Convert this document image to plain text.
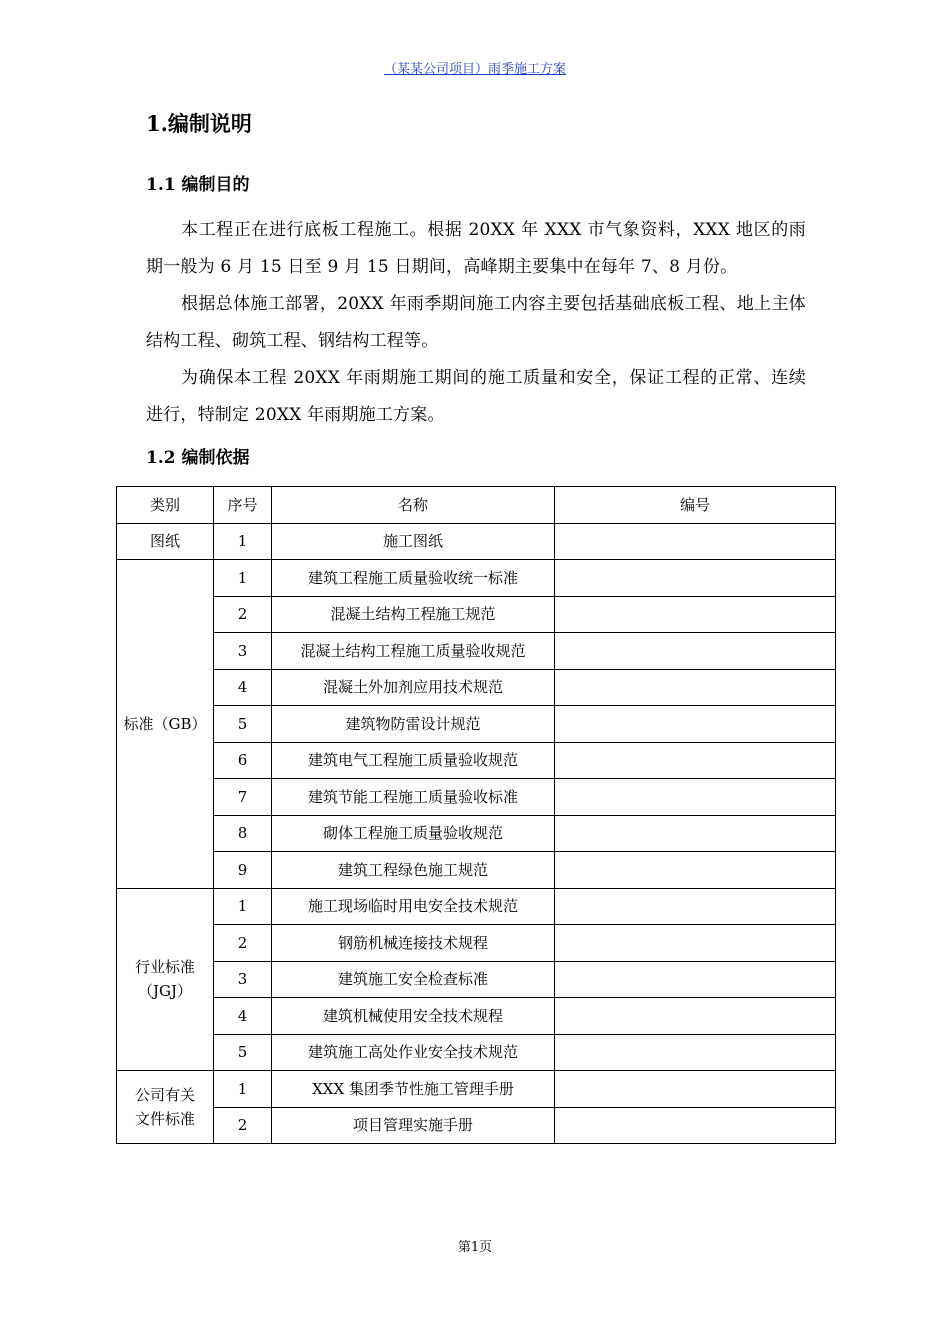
（某某公司项目）雨季施工方案
1.编制说明
1.1 编制目的

本工程正在进行底板工程施工。根据 20XX 年 XXX 市气象资料，XXX 地区的雨期一般为 6 月 15 日至 9 月 15 日期间，高峰期主要集中在每年 7、8 月份。

根据总体施工部署，20XX 年雨季期间施工内容主要包括基础底板工程、地上主体结构工程、砌筑工程、钢结构工程等。

为确保本工程 20XX 年雨期施工期间的施工质量和安全，保证工程的正常、连续进行，特制定 20XX 年雨期施工方案。

1.2 编制依据
类别	序号	名称	编号
图纸	1	施工图纸	
标准（GB）	1	建筑工程施工质量验收统一标准	
	2	混凝土结构工程施工规范	
	3	混凝土结构工程施工质量验收规范	
	4	混凝土外加剂应用技术规范	
	5	建筑物防雷设计规范	
	6	建筑电气工程施工质量验收规范	
	7	建筑节能工程施工质量验收标准	
	8	砌体工程施工质量验收规范	
	9	建筑工程绿色施工规范	
行业标准（JGJ）	1	施工现场临时用电安全技术规范	
	2	钢筋机械连接技术规程	
	3	建筑施工安全检查标准	
	4	建筑机械使用安全技术规程	
	5	建筑施工高处作业安全技术规范	
公司有关文件标准	1	XXX 集团季节性施工管理手册	
	2	项目管理实施手册	
第1页
